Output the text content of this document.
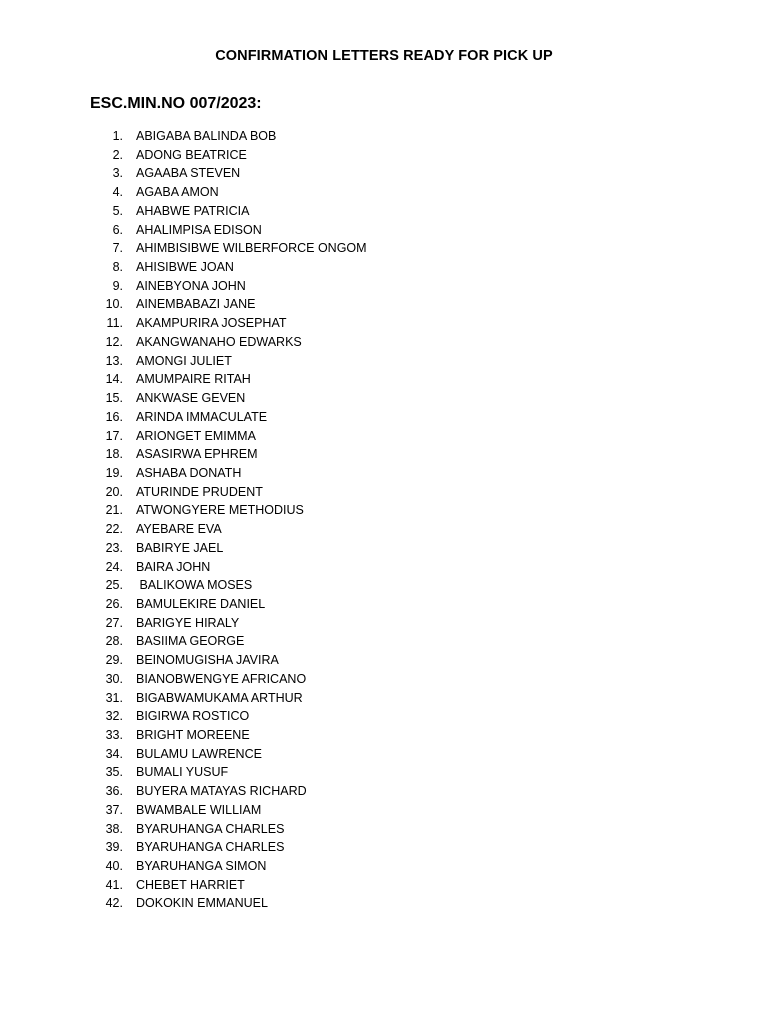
CONFIRMATION LETTERS READY FOR PICK UP
ESC.MIN.NO 007/2023:
1. ABIGABA BALINDA BOB
2. ADONG BEATRICE
3. AGAABA STEVEN
4. AGABA AMON
5. AHABWE PATRICIA
6. AHALIMPISA EDISON
7. AHIMBISIBWE WILBERFORCE ONGOM
8. AHISIBWE JOAN
9. AINEBYONA JOHN
10. AINEMBABAZI JANE
11. AKAMPURIRA JOSEPHAT
12. AKANGWANAHO EDWARKS
13. AMONGI JULIET
14. AMUMPAIRE RITAH
15. ANKWASE GEVEN
16. ARINDA IMMACULATE
17. ARIONGET EMIMMA
18. ASASIRWA EPHREM
19. ASHABA DONATH
20. ATURINDE PRUDENT
21. ATWONGYERE METHODIUS
22. AYEBARE EVA
23. BABIRYE JAEL
24. BAIRA JOHN
25. BALIKOWA MOSES
26. BAMULEKIRE DANIEL
27. BARIGYE HIRALY
28. BASIIMA GEORGE
29. BEINOMUGISHA JAVIRA
30. BIANOBWENGYE AFRICANO
31. BIGABWAMUKAMA ARTHUR
32. BIGIRWA ROSTICO
33. BRIGHT MOREENE
34. BULAMU LAWRENCE
35. BUMALI YUSUF
36. BUYERA MATAYAS RICHARD
37. BWAMBALE WILLIAM
38. BYARUHANGA CHARLES
39. BYARUHANGA CHARLES
40. BYARUHANGA SIMON
41. CHEBET HARRIET
42. DOKOKIN EMMANUEL
